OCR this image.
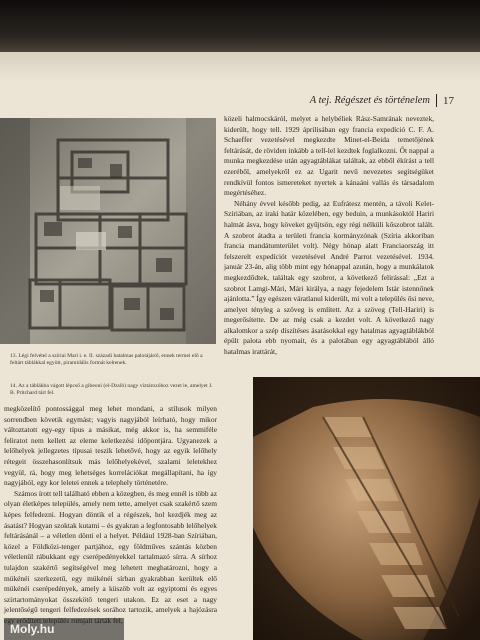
A tej. Régészet és történelem 17
13. Légi felvétel a szíriai Mari i. e. II. századi hatalmas palotájáról, ennek termei elő a feltárt táblákkal együtt, piramidális formát keltenek.
14. Az a táblákba vágott lépcső a gibeoni (el-Dzsib) nagy víztározóhoz vezet le, amelyet J. B. Pritchard tárt fel.

közeli halmocskáról, melyet a helybéliek Rász-Samrának neveztek, kiderült, hogy tell. 1929 áprilisában egy francia expedíció C. F. A. Schaeffer vezetésével megkezdte Minet-el-Beida temetőjének feltárását, de röviden inkább a tell-lel kezdtek foglalkozni. Őt nappal a munka megkezdése után agyagtáblákat találtak, az ebből ékírást a tell ezeréből, amelyekről ez az Ugarit nevű nevezetes segítségüket rendkívül fontos ismereteket nyertek a kánaáni vallás és társadalom megértéséhez.

Néhány évvel később pedig, az Eufrátesz mentén, a távoli Kelet-Szíriában, az iraki határ közelében, egy beduin, a munkásoktól Hariri halmát ásva, hogy köveket gyűjtsön, egy régi nélküli kőszobrot talált. A szobrot átadta a területi francia kormányzónak (Szíria akkoriban francia mandátumterület volt). Négy hónap alatt Franciaország itt felszerelt expedíciót vezetésével André Parrot vezetésével. 1934. január 23-án, alig több mint egy hónappal azután, hogy a munkálatok megkezdődtek, találtak egy szobrot, a következő felirással: „Ezt a szobrot Lamgi-Mári, Mári királya, a nagy fejedelem Istár istennőnek ajánlotta.” Így egészen váratlanul kiderült, mi volt a település ősi neve, amelyet tényleg a szöveg is említett. Az a szöveg (Tell-Hariri) is megerősítette. De az még csak a kezdet volt. A következő nagy alkalomkor a szép díszítéses ásatásokkal egy hatalmas agyagtáblákból épült palota ebb nyomait, és a palotában egy agyagtáblából álló hatalmas irattárát,

megközelítő pontossággal meg lehet mondani, a stílusok milyen sorrendben követik egymást; vagyis nagyjából leírható, hogy mikor változtatott egy-egy típus a másikat, még akkor is, ha semmiféle feliratot nem kellett az eleme keletkezési időpontjára. Ugyanezek a lelőhelyek jellegzetes típusai teszik lehetővé, hogy az egyik lelőhely rétegeit összehasonlítsuk más lelőhelyekével, szalami leletekhez vegyül, rá, hogy meg lehetséges korrelációkat megállapítani, ha így nagyjából, egy kor leletei ennek a telephely történetére.

Számos írott tell található ebben a közegben, és meg ennél is több az olyan életképes település, amely nem tette, amelyet csak szakértő szem képes felfedezni. Hogyan döntik el a régészek, hol kezdjék meg az ásatást? Hogyan szoktak kutatni – és gyakran a legfontosabb lelőhelyek feltárásánál – a véletlen dönti el a helyet. Például 1928-ban Szíriában, közel a Földközi-tenger partjához, egy földműves szántás közben véletlenül rábukkant egy cserépedényekkel tartalmazó sírra. A sírhoz tulajdon szakértő segítségével meg lehetett meghatározni, hogy a mükénéi szerkezetű, egy mükénéi sírban gyakrabban kerültek elő mükénéi cserépedények, amely a küszöb volt az egyiptomi és egyes szírtartományokat összekötő tengeri utakon. Ez az eset a nagy jelentőségű tengeri felfedezések sorához tartozik, amelyek a hajózásra

Moly.hu
